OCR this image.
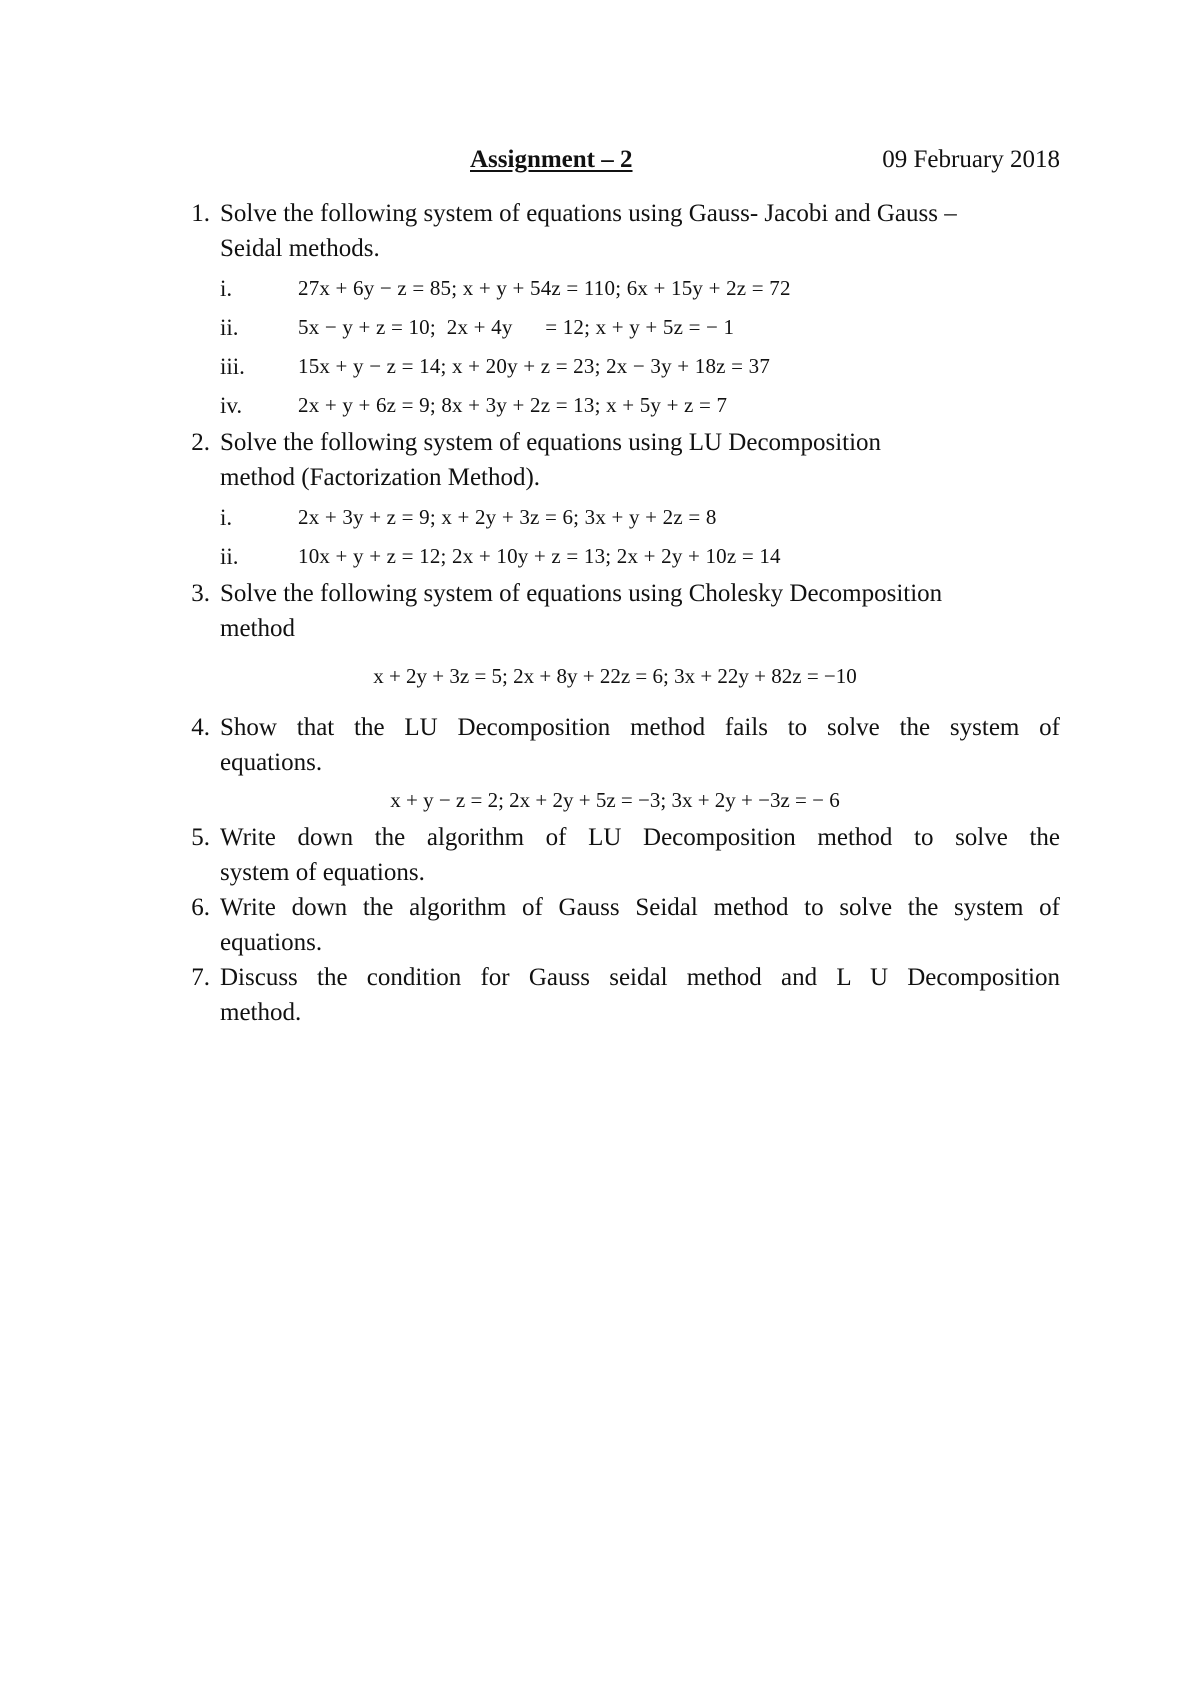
Assignment – 2	09 February 2018
1. Solve the following system of equations using Gauss- Jacobi and Gauss –
Seidal methods.
i.	27x + 6y − z = 85; x + y + 54z = 110; 6x + 15y + 2z = 72
ii.	5x − y + z = 10;  2x + 4y      = 12; x + y + 5z = − 1
iii.	15x + y − z = 14; x + 20y + z = 23; 2x − 3y + 18z = 37
iv.	2x + y + 6z = 9; 8x + 3y + 2z = 13; x + 5y + z = 7
2. Solve the following system of equations using LU Decomposition
method (Factorization Method).
i.	2x + 3y + z = 9; x + 2y + 3z = 6; 3x + y + 2z = 8
ii.	10x + y + z = 12; 2x + 10y + z = 13; 2x + 2y + 10z = 14
3. Solve the following system of equations using Cholesky Decomposition
method
x + 2y + 3z = 5; 2x + 8y + 22z = 6; 3x + 22y + 82z = −10
4. Show that the LU Decomposition method fails to solve the system of
equations.
x + y − z = 2; 2x + 2y + 5z = −3; 3x + 2y + −3z = − 6
5. Write down the algorithm of LU Decomposition method to solve the
system of equations.
6. Write down the algorithm of Gauss Seidal method to solve the system of
equations.
7. Discuss the condition for Gauss seidal method and L U Decomposition
method.
